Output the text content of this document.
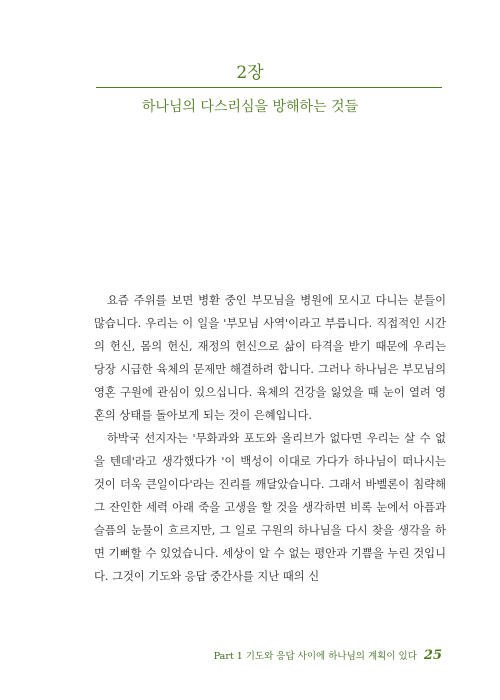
2장
하나님의 다스리심을 방해하는 것들

요즘 주위를 보면 병환 중인 부모님을 병원에 모시고 다니는 분들이 많습니다. 우리는 이 일을 '부모님 사역'이라고 부릅니다. 직접적인 시간의 헌신, 몸의 헌신, 재정의 헌신으로 삶이 타격을 받기 때문에 우리는 당장 시급한 육체의 문제만 해결하려 합니다. 그러나 하나님은 부모님의 영혼 구원에 관심이 있으십니다. 육체의 건강을 잃었을 때 눈이 열려 영혼의 상태를 돌아보게 되는 것이 은혜입니다.

하박국 선지자는 '무화과와 포도와 올리브가 없다면 우리는 살 수 없을 텐데'라고 생각했다가 '이 백성이 이대로 가다가 하나님이 떠나시는 것이 더욱 큰일이다'라는 진리를 깨달았습니다. 그래서 바벨론이 침략해 그 잔인한 세력 아래 죽을 고생을 할 것을 생각하면 비록 눈에서 아픔과 슬픔의 눈물이 흐르지만, 그 일로 구원의 하나님을 다시 찾을 생각을 하면 기뻐할 수 있었습니다. 세상이 알 수 없는 평안과 기쁨을 누린 것입니다. 그것이 기도와 응답 중간사를 지난 때의 신

Part 1 기도와 응답 사이에 하나님의 계획이 있다 25
